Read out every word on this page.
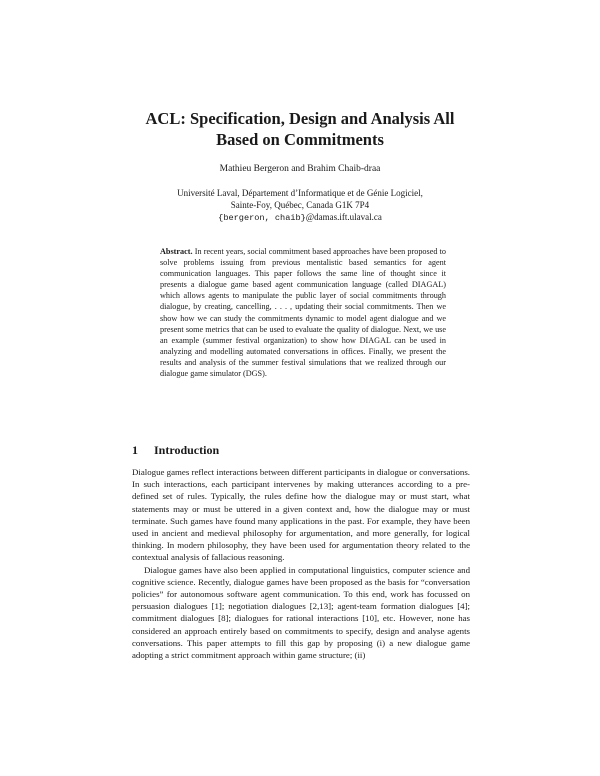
ACL: Specification, Design and Analysis All
Based on Commitments
Mathieu Bergeron and Brahim Chaib-draa
Université Laval, Département d’Informatique et de Génie Logiciel,
Sainte-Foy, Québec, Canada G1K 7P4
{bergeron, chaib}@damas.ift.ulaval.ca
Abstract. In recent years, social commitment based approaches have been proposed to solve problems issuing from previous mentalistic based semantics for agent communication languages. This paper follows the same line of thought since it presents a dialogue game based agent communication language (called DIAGAL) which allows agents to manipulate the public layer of social commitments through dialogue, by creating, cancelling, . . . , updating their social commitments. Then we show how we can study the commitments dynamic to model agent dialogue and we present some metrics that can be used to evaluate the quality of dialogue. Next, we use an example (summer festival organization) to show how DIAGAL can be used in analyzing and modelling automated conversations in offices. Finally, we present the results and analysis of the summer festival simulations that we realized through our dialogue game simulator (DGS).
1 Introduction

Dialogue games reflect interactions between different participants in dialogue or conversations. In such interactions, each participant intervenes by making utterances according to a pre-defined set of rules. Typically, the rules define how the dialogue may or must start, what statements may or must be uttered in a given context and, how the dialogue may or must terminate. Such games have found many applications in the past. For example, they have been used in ancient and medieval philosophy for argumentation, and more generally, for logical thinking. In modern philosophy, they have been used for argumentation theory related to the contextual analysis of fallacious reasoning.

Dialogue games have also been applied in computational linguistics, computer science and cognitive science. Recently, dialogue games have been proposed as the basis for “conversation policies” for autonomous software agent communication. To this end, work has focussed on persuasion dialogues [1]; negotiation dialogues [2,13]; agent-team formation dialogues [4]; commitment dialogues [8]; dialogues for rational interactions [10], etc. However, none has considered an approach entirely based on commitments to specify, design and analyse agents conversations. This paper attempts to fill this gap by proposing (i) a new dialogue game adopting a strict commitment approach within game structure; (ii)
